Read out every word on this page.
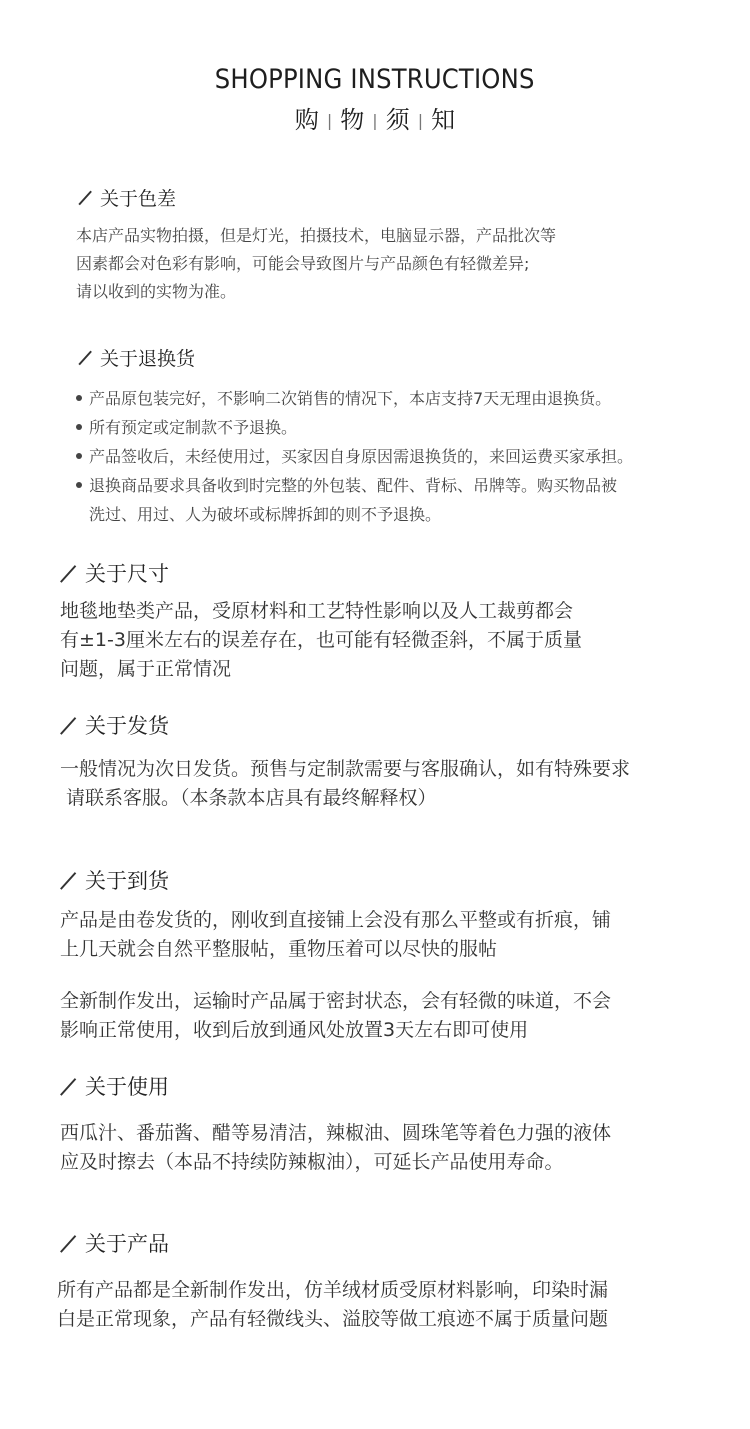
SHOPPING INSTRUCTIONS
购 | 物 | 须 | 知
关于色差
本店产品实物拍摄，但是灯光，拍摄技术，电脑显示器，产品批次等
因素都会对色彩有影响，可能会导致图片与产品颜色有轻微差异;
请以收到的实物为准。
关于退换货
产品原包装完好，不影响二次销售的情况下，本店支持7天无理由退换货。
所有预定或定制款不予退换。
产品签收后，未经使用过，买家因自身原因需退换货的，来回运费买家承担。
退换商品要求具备收到时完整的外包装、配件、背标、吊牌等。购买物品被
洗过、用过、人为破坏或标牌拆卸的则不予退换。
关于尺寸
地毯地垫类产品，受原材料和工艺特性影响以及人工裁剪都会
有±1-3厘米左右的误差存在，也可能有轻微歪斜，不属于质量
问题，属于正常情况
关于发货
一般情况为次日发货。预售与定制款需要与客服确认，如有特殊要求
请联系客服。（本条款本店具有最终解释权）
关于到货
产品是由卷发货的，刚收到直接铺上会没有那么平整或有折痕，铺
上几天就会自然平整服帖，重物压着可以尽快的服帖
全新制作发出，运输时产品属于密封状态，会有轻微的味道，不会
影响正常使用，收到后放到通风处放置3天左右即可使用
关于使用
西瓜汁、番茄酱、醋等易清洁，辣椒油、圆珠笔等着色力强的液体
应及时擦去（本品不持续防辣椒油），可延长产品使用寿命。
关于产品
所有产品都是全新制作发出，仿羊绒材质受原材料影响，印染时漏
白是正常现象，产品有轻微线头、溢胶等做工痕迹不属于质量问题
